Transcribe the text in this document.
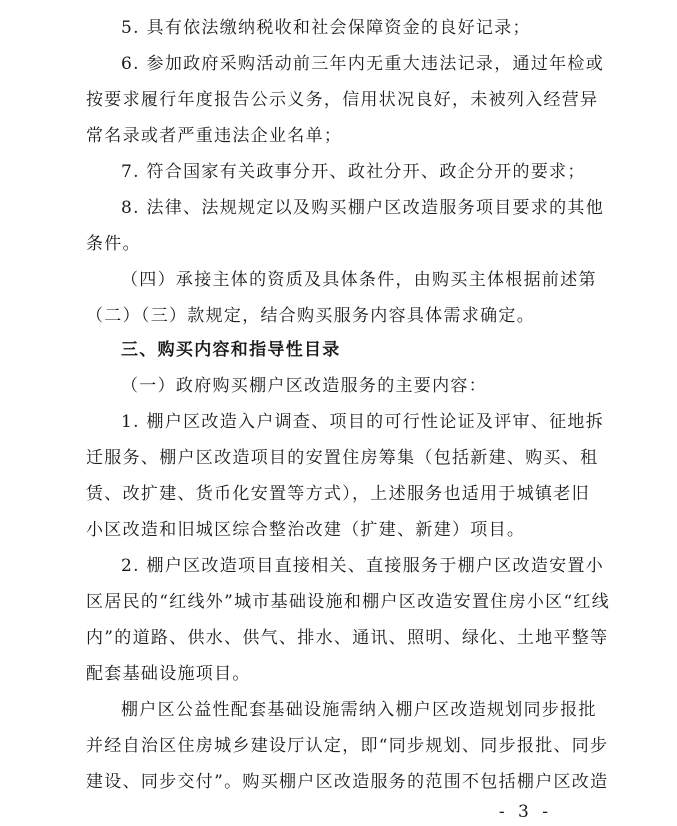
5. 具有依法缴纳税收和社会保障资金的良好记录；
6. 参加政府采购活动前三年内无重大违法记录，通过年检或
按要求履行年度报告公示义务，信用状况良好，未被列入经营异
常名录或者严重违法企业名单；
7. 符合国家有关政事分开、政社分开、政企分开的要求；
8. 法律、法规规定以及购买棚户区改造服务项目要求的其他
条件。
（四）承接主体的资质及具体条件，由购买主体根据前述第
（二）（三）款规定，结合购买服务内容具体需求确定。
三、购买内容和指导性目录
（一）政府购买棚户区改造服务的主要内容：
1. 棚户区改造入户调查、项目的可行性论证及评审、征地拆
迁服务、棚户区改造项目的安置住房筹集（包括新建、购买、租
赁、改扩建、货币化安置等方式），上述服务也适用于城镇老旧
小区改造和旧城区综合整治改建（扩建、新建）项目。
2. 棚户区改造项目直接相关、直接服务于棚户区改造安置小
区居民的“红线外”城市基础设施和棚户区改造安置住房小区“红线
内”的道路、供水、供气、排水、通讯、照明、绿化、土地平整等
配套基础设施项目。
棚户区公益性配套基础设施需纳入棚户区改造规划同步报批
并经自治区住房城乡建设厅认定，即“同步规划、同步报批、同步
建设、同步交付”。购买棚户区改造服务的范围不包括棚户区改造
- 3 -
